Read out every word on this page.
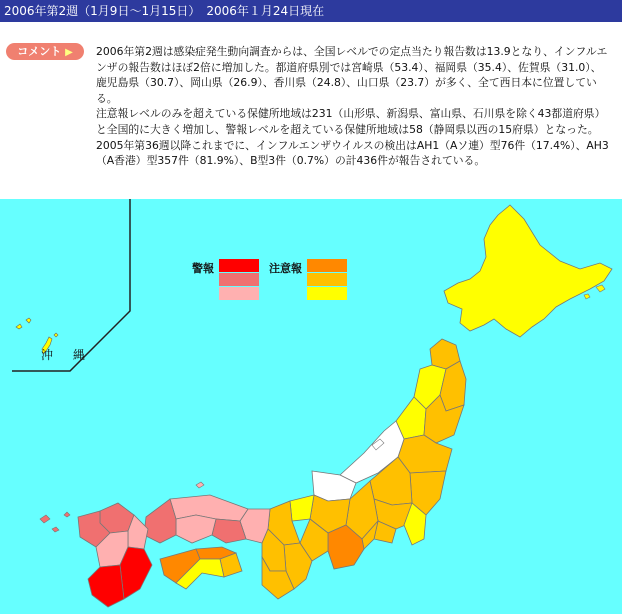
2006年第2週（1月9日〜1月15日）　2006年１月24日現在
コメント ▶	2006年第2週は感染症発生動向調査からは、全国レベルでの定点当たり報告数は13.9となり、インフルエンザの報告数はほぼ2倍に増加した。都道府県別では宮崎県（53.4）、福岡県（35.4）、佐賀県（31.0）、鹿児島県（30.7）、岡山県（26.9）、香川県（24.8）、山口県（23.7）が多く、全て西日本に位置している。

注意報レベルのみを超えている保健所地域は231（山形県、新潟県、富山県、石川県を除く43都道府県）と全国的に大きく増加し、警報レベルを超えている保健所地域は58（静岡県以西の15府県）となった。

2005年第36週以降これまでに、インフルエンザウイルスの検出はAH1（Aソ連）型76件（17.4%）、AH3（A香港）型357件（81.9%）、B型3件（0.7%）の計436件が報告されている。

沖 縄
警報	注意報
